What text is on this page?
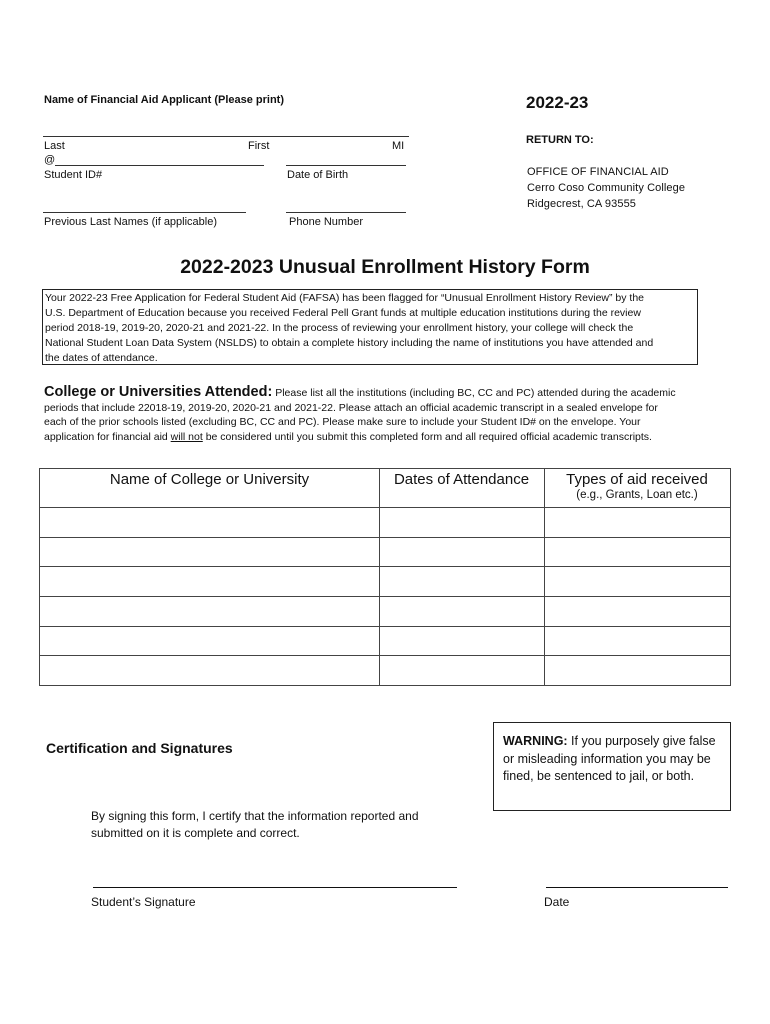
Name of Financial Aid Applicant (Please print)	2022-23
RETURN TO:
OFFICE OF FINANCIAL AID
Cerro Coso Community College
Ridgecrest, CA 93555
Last	First	MI
@
Student ID#	Date of Birth
Previous Last Names (if applicable)	Phone Number
2022-2023 Unusual Enrollment History Form
Your 2022-23 Free Application for Federal Student Aid (FAFSA) has been flagged for “Unusual Enrollment History Review” by the
U.S. Department of Education because you received Federal Pell Grant funds at multiple education institutions during the review
period 2018-19, 2019-20, 2020-21 and 2021-22. In the process of reviewing your enrollment history, your college will check the
National Student Loan Data System (NSLDS) to obtain a complete history including the name of institutions you have attended and
the dates of attendance.
College or Universities Attended: Please list all the institutions (including BC, CC and PC) attended during the academic
periods that include 22018-19, 2019-20, 2020-21 and 2021-22. Please attach an official academic transcript in a sealed envelope for
each of the prior schools listed (excluding BC, CC and PC). Please make sure to include your Student ID# on the envelope. Your
application for financial aid will not be considered until you submit this completed form and all required official academic transcripts.
Name of College or University	Dates of Attendance	Types of aid received
(e.g., Grants, Loan etc.)
Certification and Signatures	WARNING: If you purposely give false
or misleading information you may be
fined, be sentenced to jail, or both.
By signing this form, I certify that the information reported and
submitted on it is complete and correct.
Student’s Signature	Date
